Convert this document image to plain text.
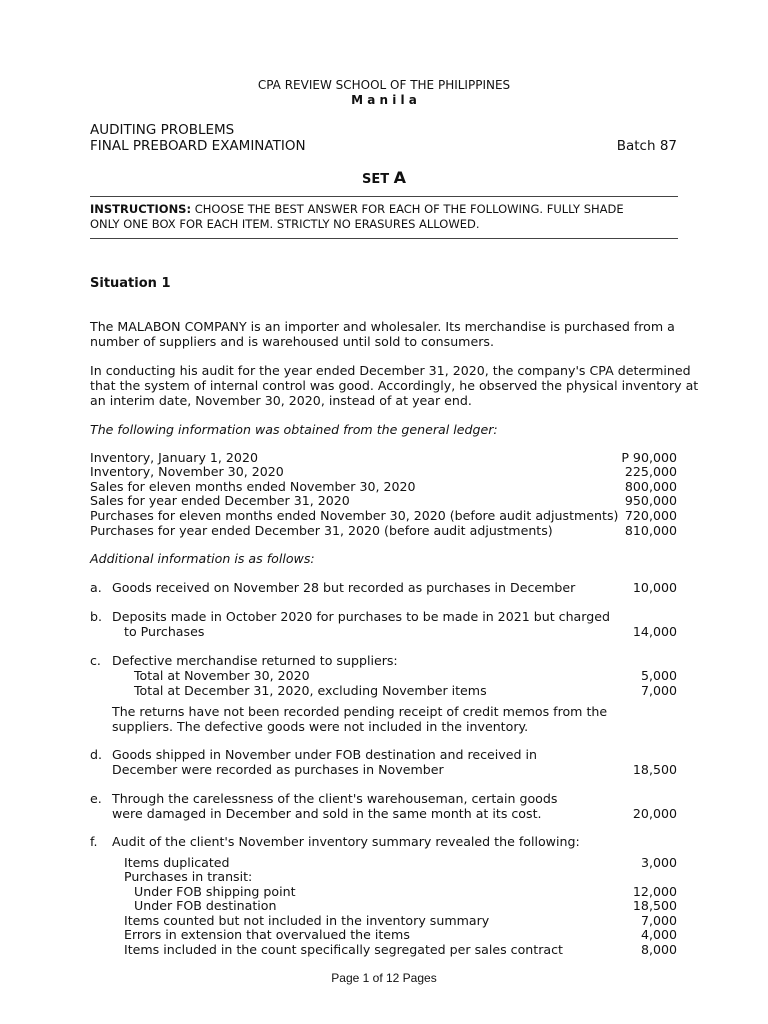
CPA REVIEW SCHOOL OF THE PHILIPPINES
M a n i l a
AUDITING PROBLEMS
FINAL PREBOARD EXAMINATION	Batch 87
SET A
INSTRUCTIONS: CHOOSE THE BEST ANSWER FOR EACH OF THE FOLLOWING. FULLY SHADE
ONLY ONE BOX FOR EACH ITEM. STRICTLY NO ERASURES ALLOWED.
Situation 1
The MALABON COMPANY is an importer and wholesaler. Its merchandise is purchased from a
number of suppliers and is warehoused until sold to consumers.
In conducting his audit for the year ended December 31, 2020, the company's CPA determined
that the system of internal control was good. Accordingly, he observed the physical inventory at
an interim date, November 30, 2020, instead of at year end.
The following information was obtained from the general ledger:
Inventory, January 1, 2020	P 90,000
Inventory, November 30, 2020	225,000
Sales for eleven months ended November 30, 2020	800,000
Sales for year ended December 31, 2020	950,000
Purchases for eleven months ended November 30, 2020 (before audit adjustments) 720,000
Purchases for year ended December 31, 2020 (before audit adjustments)	810,000
Additional information is as follows:
a. Goods received on November 28 but recorded as purchases in December	10,000
b. Deposits made in October 2020 for purchases to be made in 2021 but charged
to Purchases	14,000
c. Defective merchandise returned to suppliers:
Total at November 30, 2020	5,000
Total at December 31, 2020, excluding November items	7,000
The returns have not been recorded pending receipt of credit memos from the
suppliers. The defective goods were not included in the inventory.
d. Goods shipped in November under FOB destination and received in
December were recorded as purchases in November	18,500
e. Through the carelessness of the client's warehouseman, certain goods
were damaged in December and sold in the same month at its cost.	20,000
f. Audit of the client's November inventory summary revealed the following:
Items duplicated	3,000
Purchases in transit:
Under FOB shipping point	12,000
Under FOB destination	18,500
Items counted but not included in the inventory summary	7,000
Errors in extension that overvalued the items	4,000
Items included in the count specifically segregated per sales contract	8,000
Page 1 of 12 Pages
